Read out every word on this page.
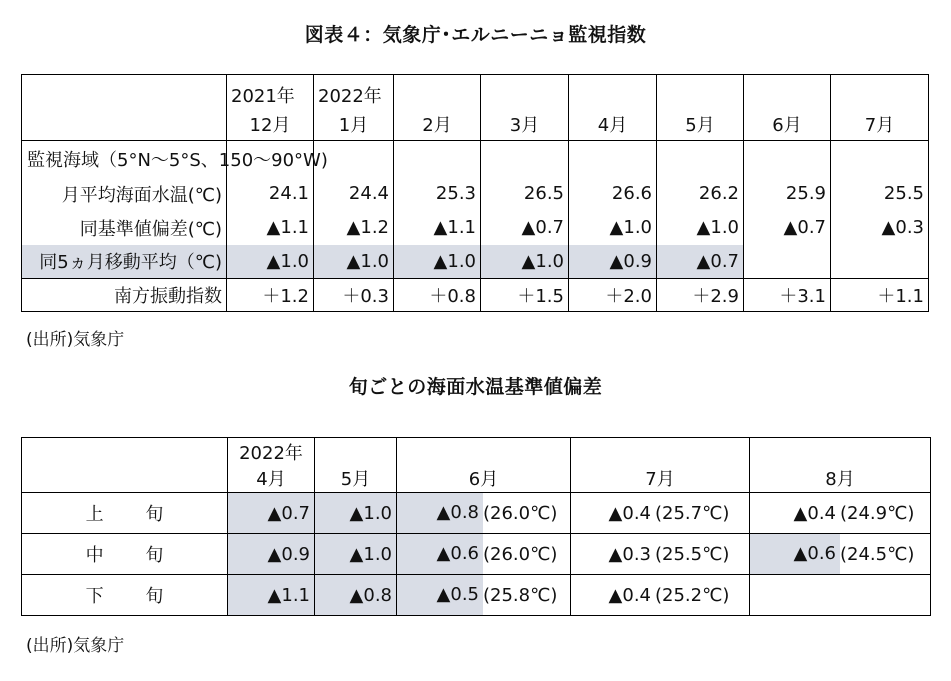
図表４：気象庁･エルニーニョ監視指数

	2021年	2022年						

	12月	1月	2月	3月	4月	5月	6月	7月
監視海域（5°N～5°S、150～90°W)								
月平均海面水温(℃)	24.1	24.4	25.3	26.5	26.6	26.2	25.9	25.5
同基準値偏差(℃)	▲1.1	▲1.2	▲1.1	▲0.7	▲1.0	▲1.0	▲0.7	▲0.3
同5ヵ月移動平均（℃)	▲1.0	▲1.0	▲1.0	▲1.0	▲0.9	▲0.7		
南方振動指数	＋1.2	＋0.3	＋0.8	＋1.5	＋2.0	＋2.9	＋3.1	＋1.1
(出所)気象庁
旬ごとの海面水温基準値偏差
	2022年				
	4月	5月	6月	7月	8月
上 旬	▲0.7	▲1.0	▲0.8 (26.0℃)	▲0.4 (25.7℃)	▲0.4 (24.9℃)

中 旬	▲0.9	▲1.0	▲0.6 (26.0℃)	▲0.3 (25.5℃)	▲0.6 (24.5℃)

下 旬	▲1.1	▲0.8	▲0.5 (25.8℃)	▲0.4 (25.2℃)	

(出所)気象庁
